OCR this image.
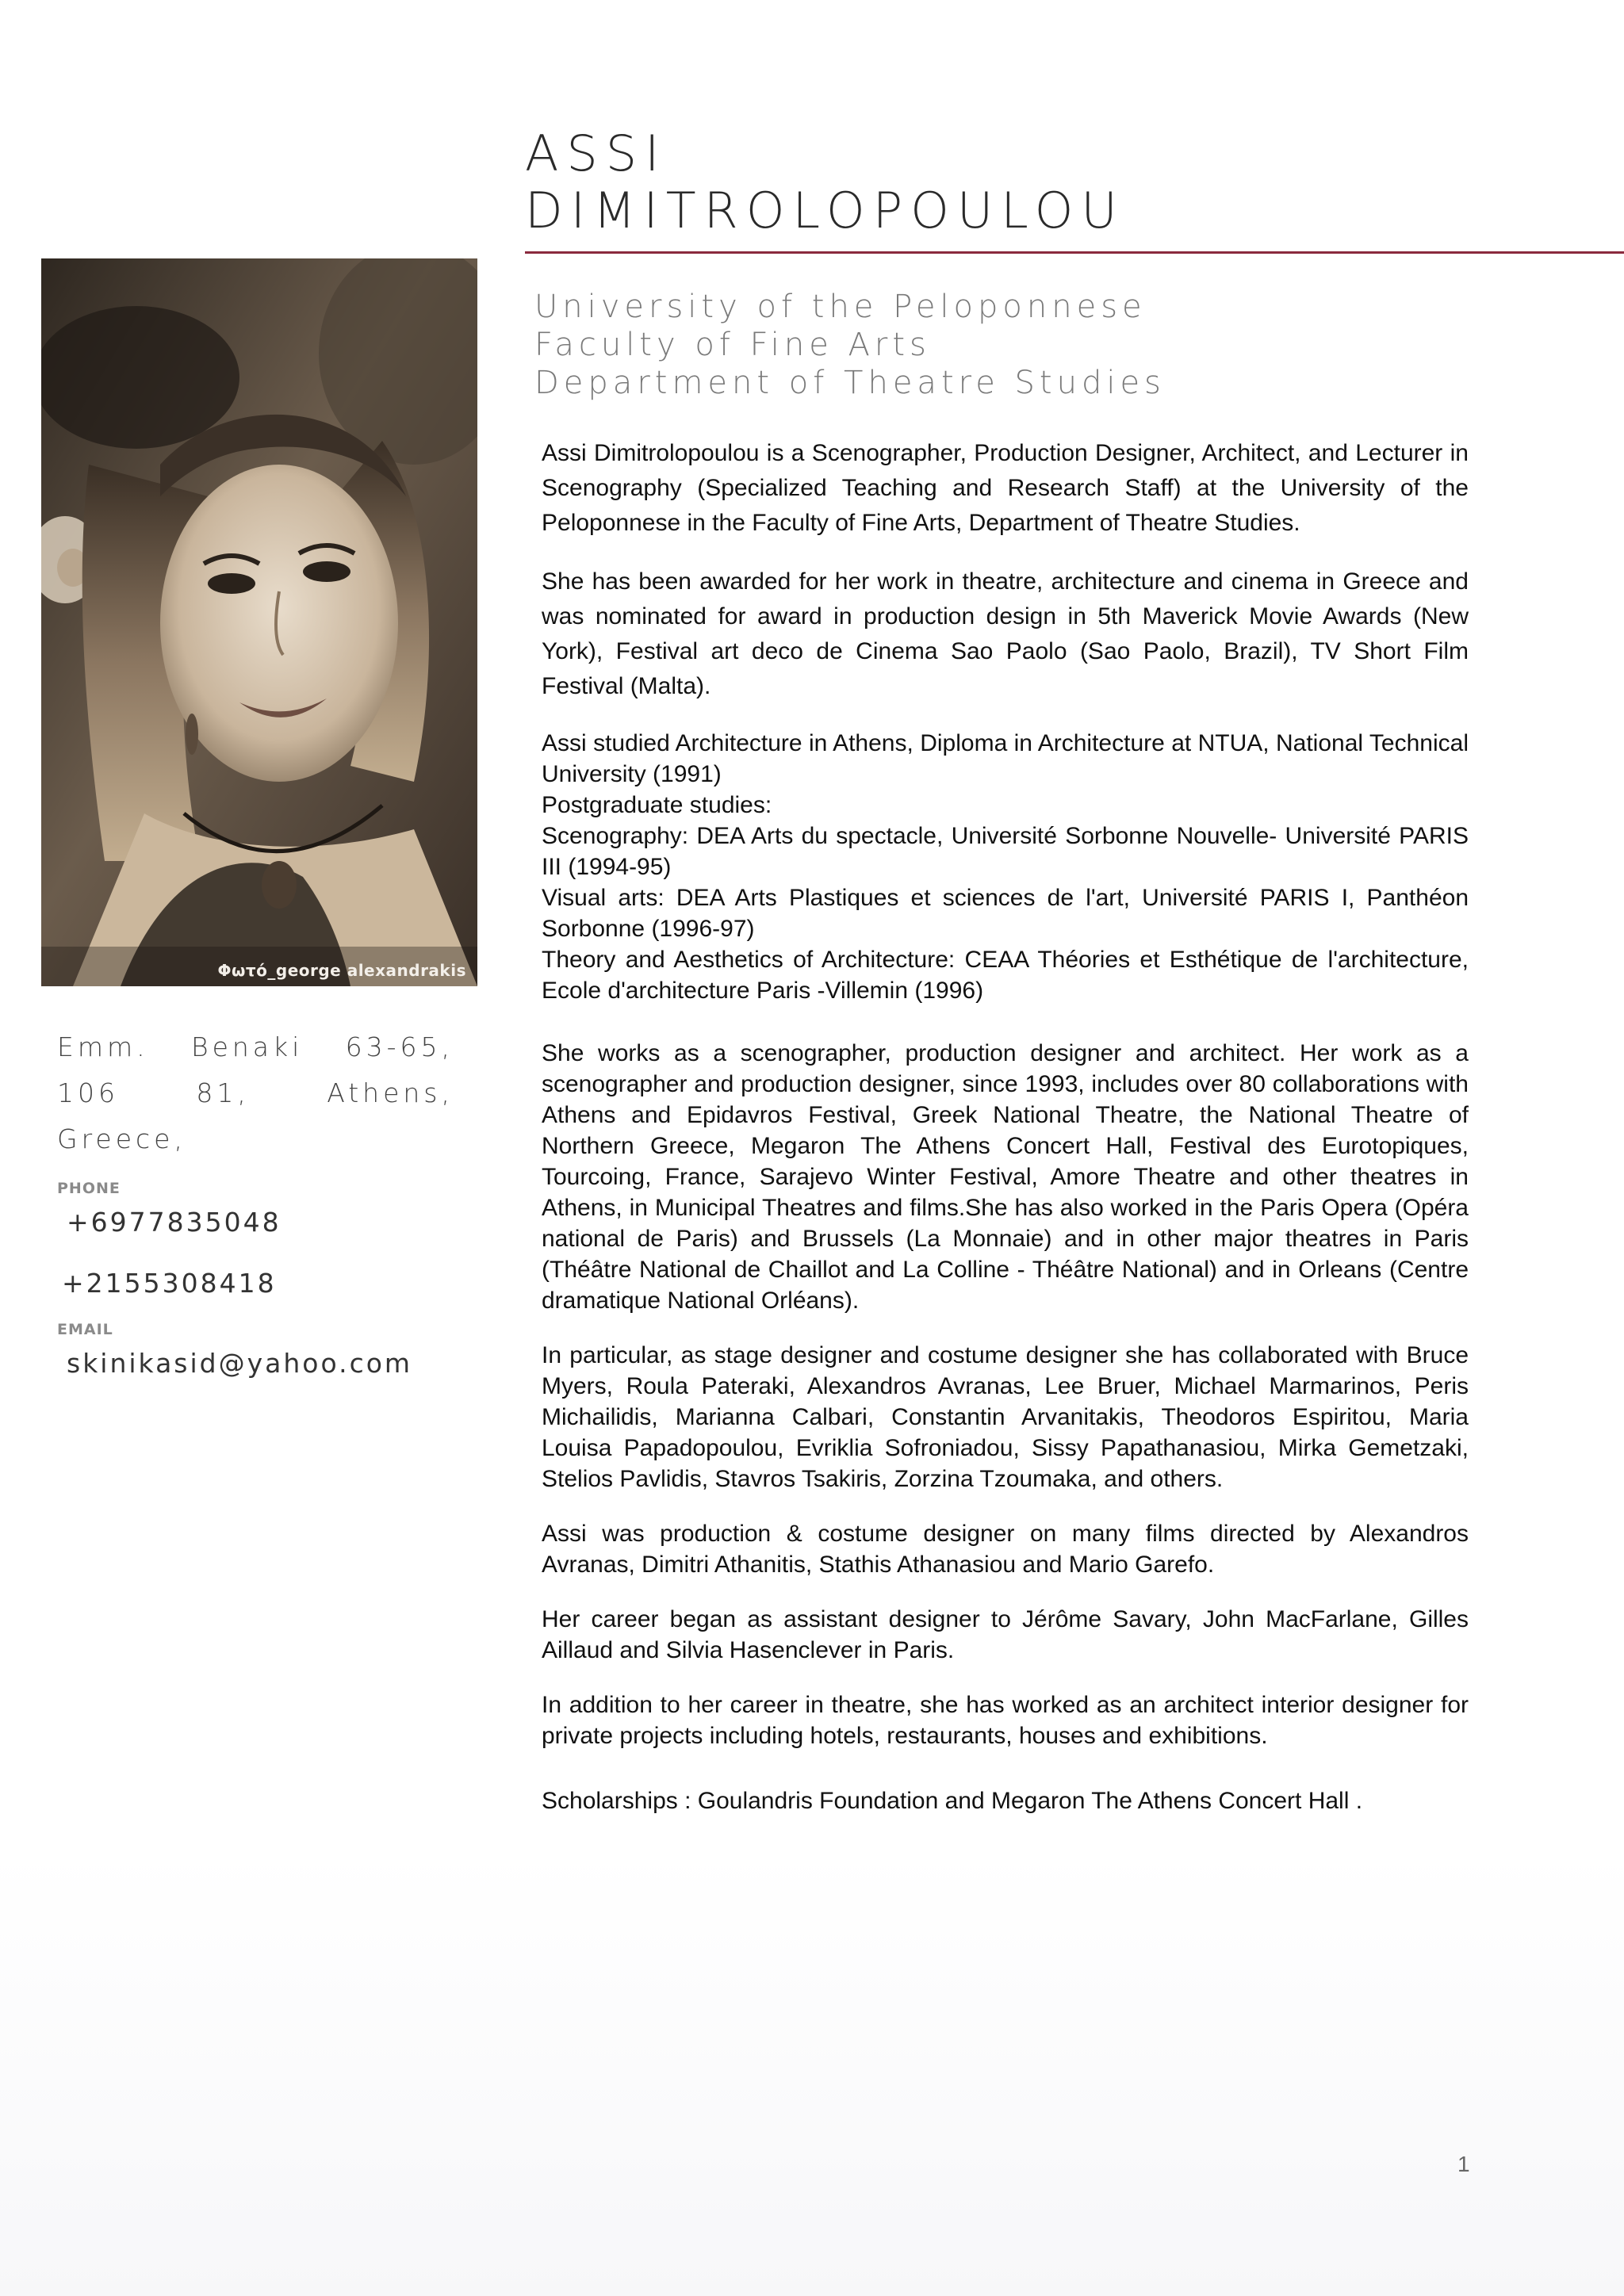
ASSI
DIMITROLOPOULOU
Φωτό_george alexandrakis
Emm. Benaki 63-65, 106 81, Athens, Greece,
PHONE
+6977835048
+2155308418
EMAIL
skinikasid@yahoo.com
University of the Peloponnese
Faculty of Fine Arts
Department of Theatre Studies

Assi Dimitrolopoulou is a Scenographer, Production Designer, Architect, and Lecturer in Scenography (Specialized Teaching and Research Staff) at the University of the Peloponnese in the Faculty of Fine Arts, Department of Theatre Studies.

She has been awarded for her work in theatre, architecture and cinema in Greece and was nominated for award in production design in 5th Maverick Movie Awards (New York), Festival art deco de Cinema Sao Paolo (Sao Paolo, Brazil), TV Short Film Festival (Malta).

Assi studied Architecture in Athens, Diploma in Architecture at NTUA, National Technical University (1991)
Postgraduate studies:
Scenography: DEA Arts du spectacle, Université Sorbonne Nouvelle- Université PARIS III (1994-95)
Visual arts: DEA Arts Plastiques et sciences de l'art, Université PARIS I, Panthéon Sorbonne (1996-97)
Theory and Aesthetics of Architecture: CEAA Théories et Esthétique de l'architecture, Ecole d'architecture Paris -Villemin (1996)

She works as a scenographer, production designer and architect. Her work as a scenographer and production designer, since 1993, includes over 80 collaborations with Athens and Epidavros Festival, Greek National Theatre, the National Theatre of Northern Greece, Megaron The Athens Concert Hall, Festival des Eurotopiques, Tourcoing, France, Sarajevo Winter Festival, Amore Theatre and other theatres in Athens, in Municipal Theatres and films.She has also worked in the Paris Opera (Opéra national de Paris) and Brussels (La Monnaie) and in other major theatres in Paris (Théâtre National de Chaillot and La Colline - Théâtre National) and in Orleans (Centre dramatique National Orléans).

In particular, as stage designer and costume designer she has collaborated with Bruce Myers, Roula Pateraki, Alexandros Avranas, Lee Bruer, Michael Marmarinos, Peris Michailidis, Marianna Calbari, Constantin Arvanitakis, Theodoros Espiritou, Maria Louisa Papadopoulou, Evriklia Sofroniadou, Sissy Papathanasiou, Mirka Gemetzaki, Stelios Pavlidis, Stavros Tsakiris, Zorzina Tzoumaka, and others.

Assi was production & costume designer on many films directed by Alexandros Avranas, Dimitri Athanitis, Stathis Athanasiou and Mario Garefo.

Her career began as assistant designer to Jérôme Savary, John MacFarlane, Gilles Aillaud and Silvia Hasenclever in Paris.

In addition to her career in theatre, she has worked as an architect interior designer for private projects including hotels, restaurants, houses and exhibitions.

Scholarships : Goulandris Foundation and Megaron The Athens Concert Hall .

1
